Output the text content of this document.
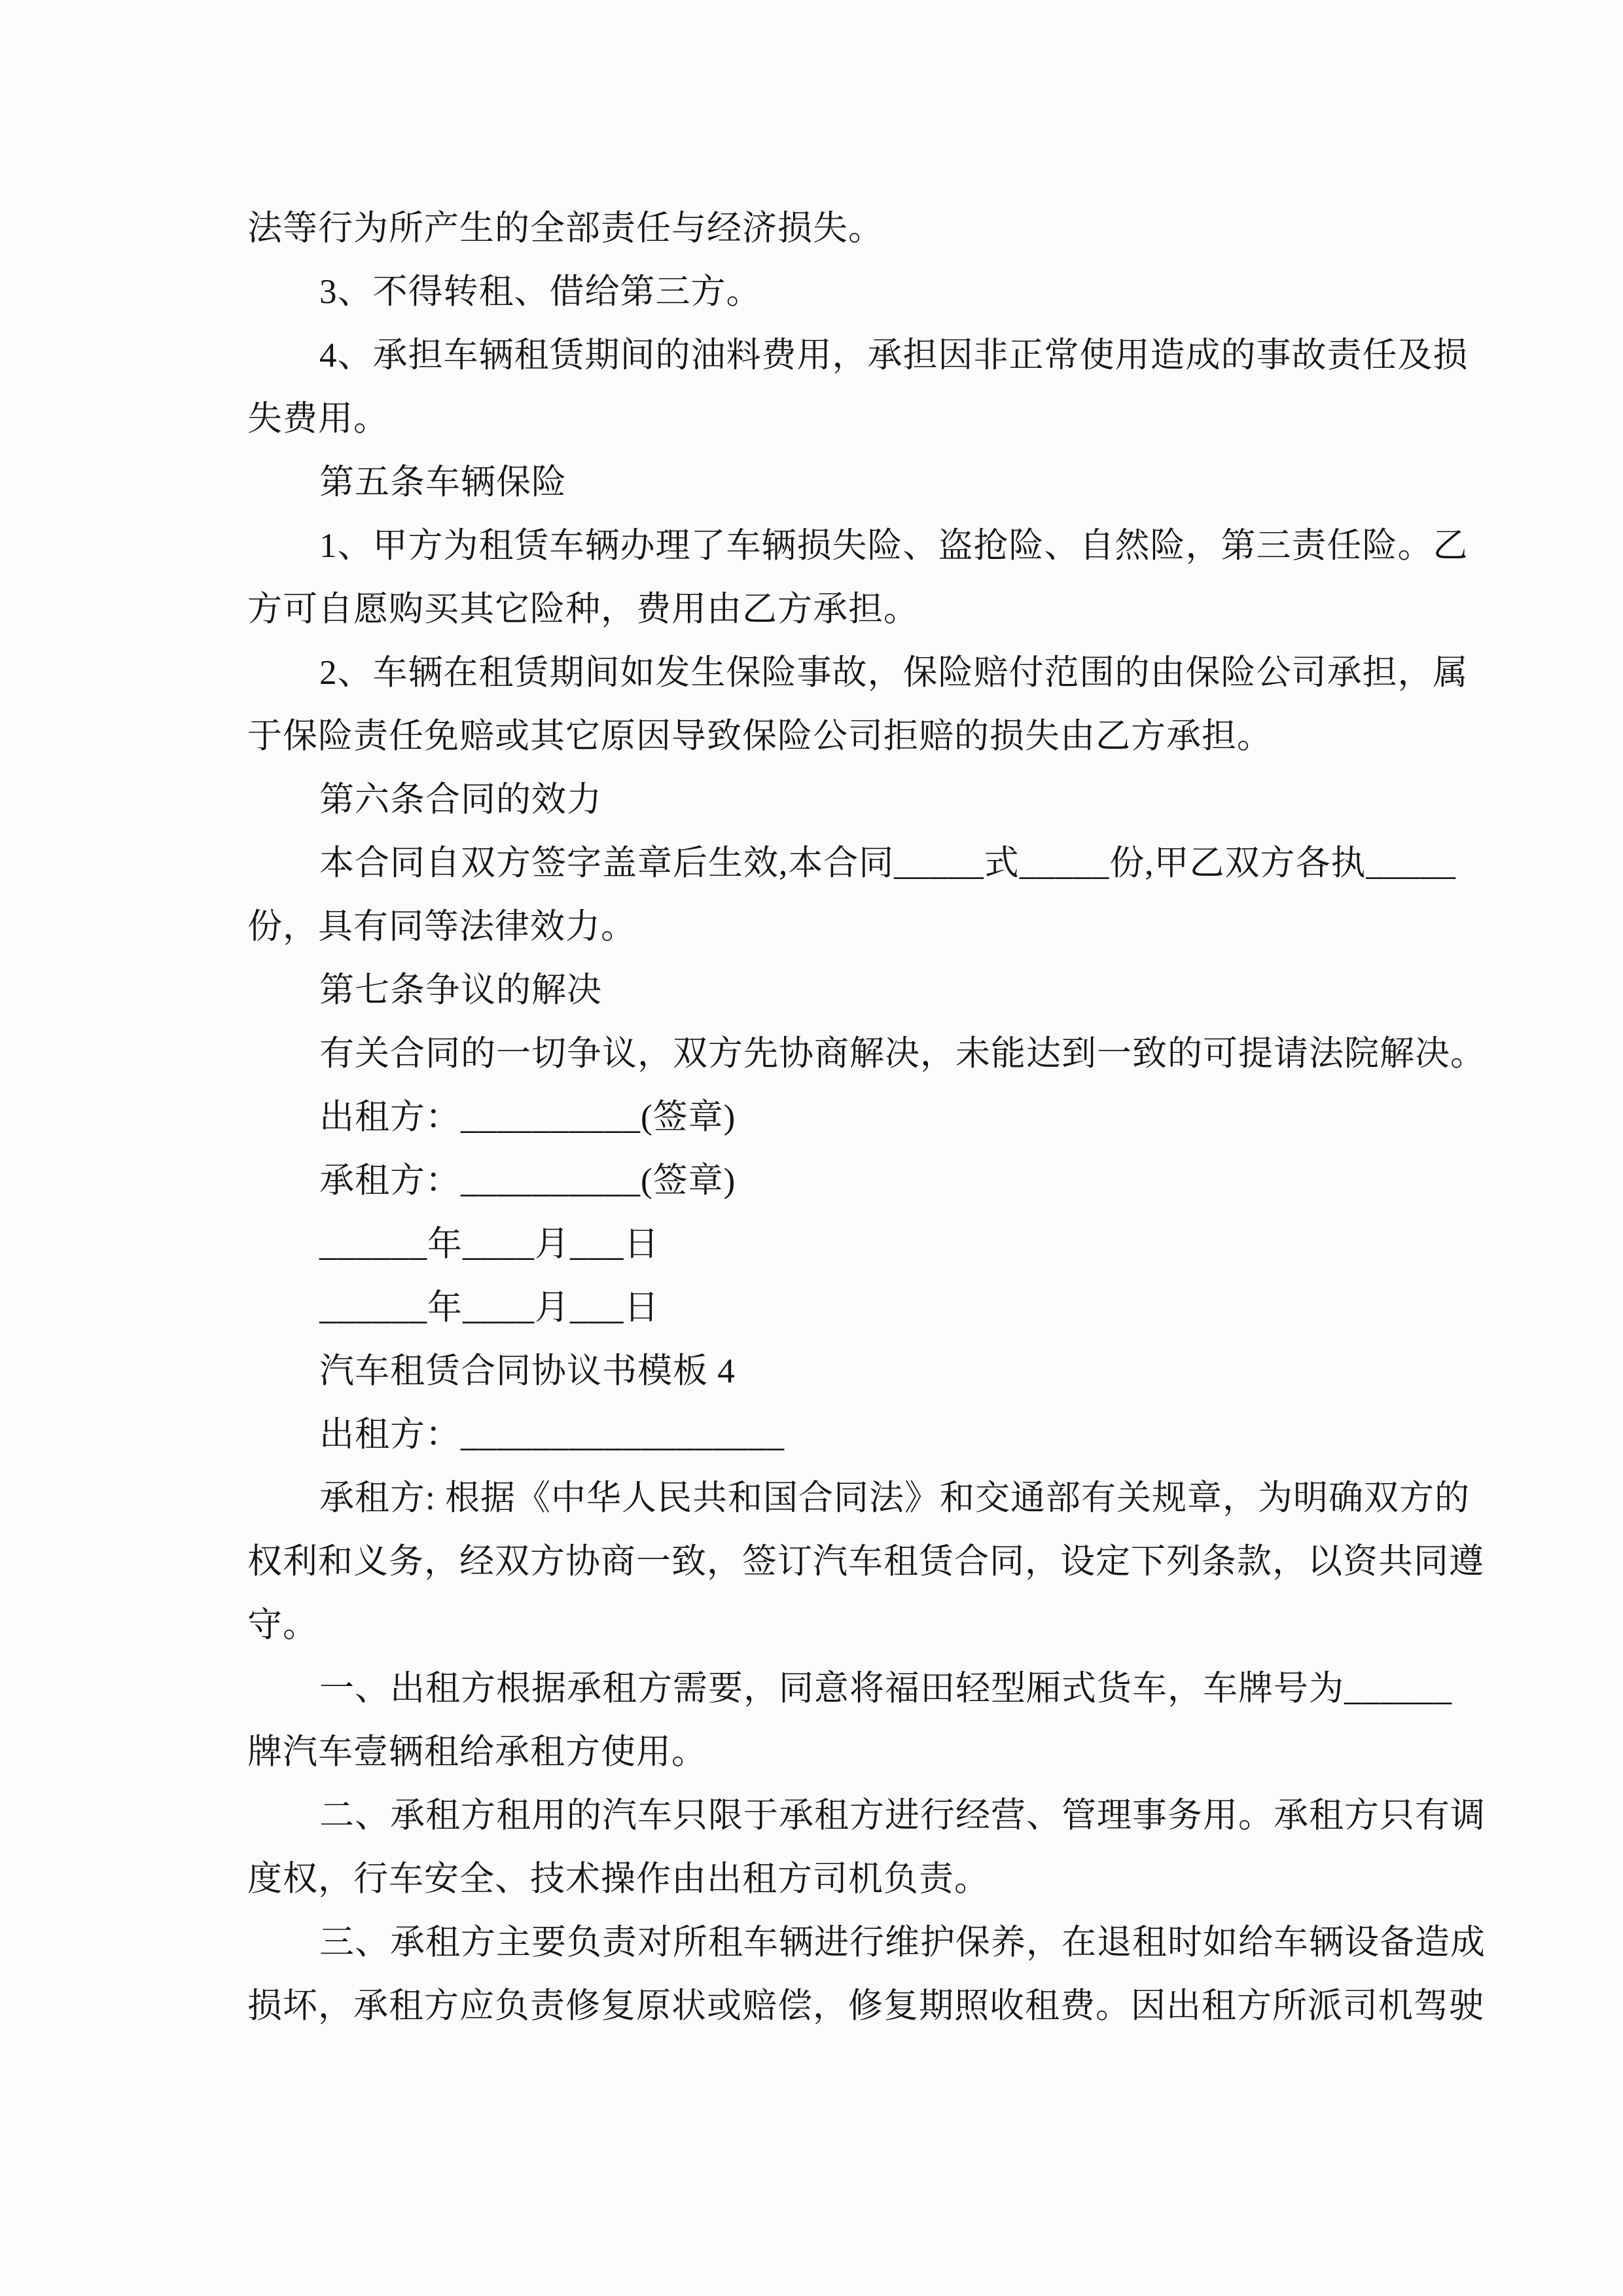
法等行为所产生的全部责任与经济损失。
3、不得转租、借给第三方。
4、承担车辆租赁期间的油料费用，承担因非正常使用造成的事故责任及损
失费用。
第五条车辆保险
1、甲方为租赁车辆办理了车辆损失险、盗抢险、自然险，第三责任险。乙
方可自愿购买其它险种，费用由乙方承担。
2、车辆在租赁期间如发生保险事故，保险赔付范围的由保险公司承担，属
于保险责任免赔或其它原因导致保险公司拒赔的损失由乙方承担。
第六条合同的效力
本合同自双方签字盖章后生效,本合同_____式_____份,甲乙双方各执_____
份，具有同等法律效力。
第七条争议的解决
有关合同的一切争议，双方先协商解决，未能达到一致的可提请法院解决。
出租方：__________(签章)
承租方：__________(签章)
______年____月___日
______年____月___日
汽车租赁合同协议书模板 4
出租方：__________________
承租方: 根据《中华人民共和国合同法》和交通部有关规章，为明确双方的
权利和义务，经双方协商一致，签订汽车租赁合同，设定下列条款，以资共同遵
守。
一、出租方根据承租方需要，同意将福田轻型厢式货车，车牌号为______
牌汽车壹辆租给承租方使用。
二、承租方租用的汽车只限于承租方进行经营、管理事务用。承租方只有调
度权，行车安全、技术操作由出租方司机负责。
三、承租方主要负责对所租车辆进行维护保养，在退租时如给车辆设备造成
损坏，承租方应负责修复原状或赔偿，修复期照收租费。因出租方所派司机驾驶
